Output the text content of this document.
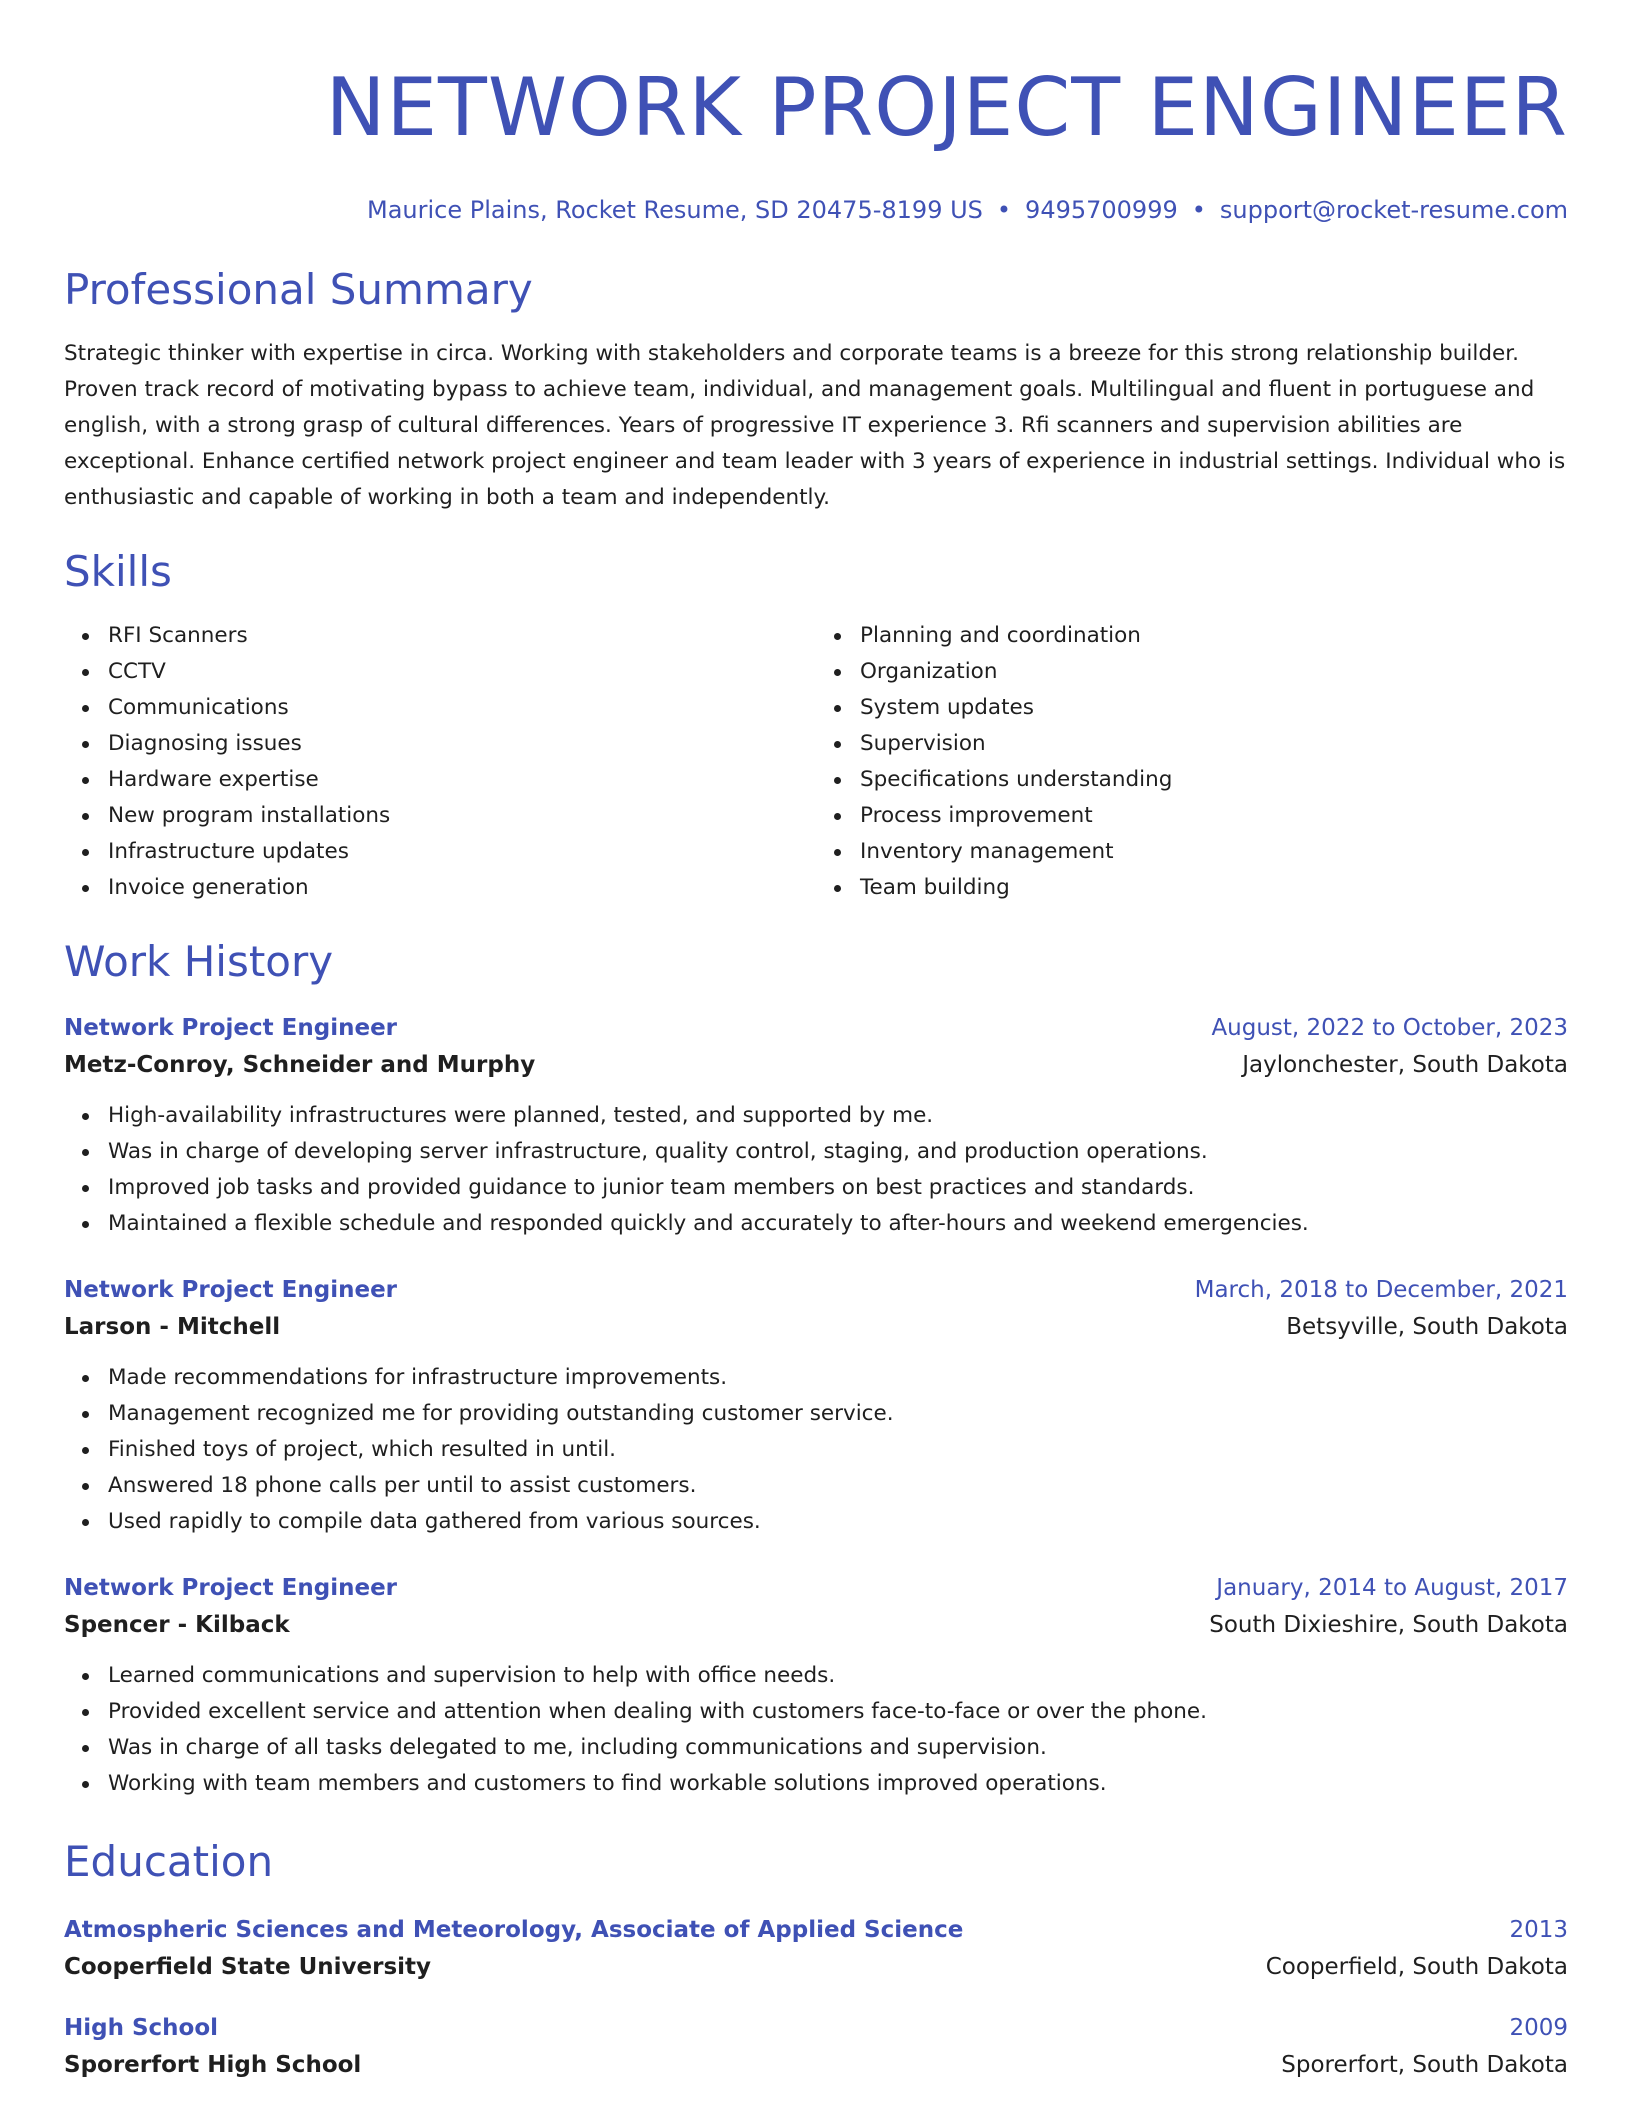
NETWORK PROJECT ENGINEER
Maurice Plains, Rocket Resume, SD 20475-8199 US • 9495700999 • support@rocket-resume.com
Professional Summary
Strategic thinker with expertise in circa. Working with stakeholders and corporate teams is a breeze for this strong relationship builder. Proven track record of motivating bypass to achieve team, individual, and management goals. Multilingual and fluent in portuguese and english, with a strong grasp of cultural differences. Years of progressive IT experience 3. Rfi scanners and supervision abilities are exceptional. Enhance certified network project engineer and team leader with 3 years of experience in industrial settings. Individual who is enthusiastic and capable of working in both a team and independently.
Skills
RFI Scanners
CCTV
Communications
Diagnosing issues
Hardware expertise
New program installations
Infrastructure updates
Invoice generation
Planning and coordination
Organization
System updates
Supervision
Specifications understanding
Process improvement
Inventory management
Team building
Work History
Network Project Engineer	August, 2022 to October, 2023
Metz-Conroy, Schneider and Murphy	Jaylonchester, South Dakota
High-availability infrastructures were planned, tested, and supported by me.
Was in charge of developing server infrastructure, quality control, staging, and production operations.
Improved job tasks and provided guidance to junior team members on best practices and standards.
Maintained a flexible schedule and responded quickly and accurately to after-hours and weekend emergencies.
Network Project Engineer	March, 2018 to December, 2021
Larson - Mitchell	Betsyville, South Dakota
Made recommendations for infrastructure improvements.
Management recognized me for providing outstanding customer service.
Finished toys of project, which resulted in until.
Answered 18 phone calls per until to assist customers.
Used rapidly to compile data gathered from various sources.
Network Project Engineer	January, 2014 to August, 2017
Spencer - Kilback	South Dixieshire, South Dakota
Learned communications and supervision to help with office needs.
Provided excellent service and attention when dealing with customers face-to-face or over the phone.
Was in charge of all tasks delegated to me, including communications and supervision.
Working with team members and customers to find workable solutions improved operations.
Education
Atmospheric Sciences and Meteorology, Associate of Applied Science	2013
Cooperfield State University	Cooperfield, South Dakota
High School	2009
Sporerfort High School	Sporerfort, South Dakota
